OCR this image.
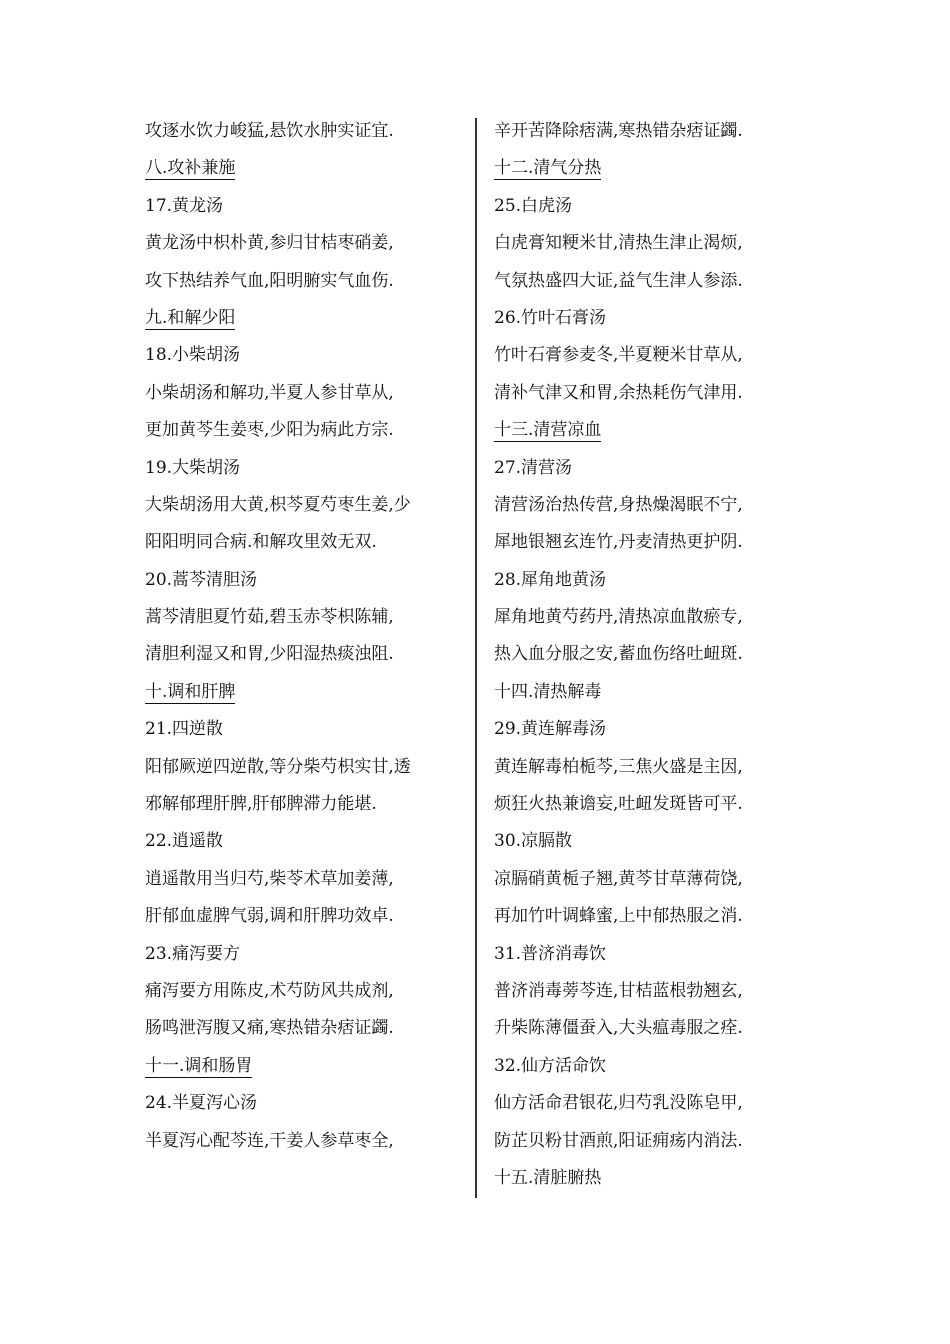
攻逐水饮力峻猛,悬饮水肿实证宜.
八.攻补兼施
17.黄龙汤
黄龙汤中枳朴黄,参归甘桔枣硝姜,
攻下热结养气血,阳明腑实气血伤.
九.和解少阳
18.小柴胡汤
小柴胡汤和解功,半夏人参甘草从,
更加黄芩生姜枣,少阳为病此方宗.
19.大柴胡汤
大柴胡汤用大黄,枳芩夏芍枣生姜,少
阳阳明同合病.和解攻里效无双.
20.蒿芩清胆汤
蒿芩清胆夏竹茹,碧玉赤苓枳陈辅,
清胆利湿又和胃,少阳湿热痰浊阻.
十.调和肝脾
21.四逆散
阳郁厥逆四逆散,等分柴芍枳实甘,透
邪解郁理肝脾,肝郁脾滞力能堪.
22.逍遥散
逍遥散用当归芍,柴苓术草加姜薄,
肝郁血虚脾气弱,调和肝脾功效卓.
23.痛泻要方
痛泻要方用陈皮,术芍防风共成剂,
肠鸣泄泻腹又痛,寒热错杂痞证蠲.
十一.调和肠胃
24.半夏泻心汤
半夏泻心配芩连,干姜人参草枣全,
辛开苦降除痞满,寒热错杂痞证蠲.
十二.清气分热
25.白虎汤
白虎膏知粳米甘,清热生津止渴烦,
气氛热盛四大证,益气生津人参添.
26.竹叶石膏汤
竹叶石膏参麦冬,半夏粳米甘草从,
清补气津又和胃,余热耗伤气津用.
十三.清营凉血
27.清营汤
清营汤治热传营,身热燥渴眠不宁,
犀地银翘玄连竹,丹麦清热更护阴.
28.犀角地黄汤
犀角地黄芍药丹,清热凉血散瘀专,
热入血分服之安,蓄血伤络吐衄斑.
十四.清热解毒
29.黄连解毒汤
黄连解毒柏栀芩,三焦火盛是主因,
烦狂火热兼谵妄,吐衄发斑皆可平.
30.凉膈散
凉膈硝黄栀子翘,黄芩甘草薄荷饶,
再加竹叶调蜂蜜,上中郁热服之消.
31.普济消毒饮
普济消毒蒡芩连,甘桔蓝根勃翘玄,
升柴陈薄僵蚕入,大头瘟毒服之痊.
32.仙方活命饮
仙方活命君银花,归芍乳没陈皂甲,
防芷贝粉甘酒煎,阳证痈疡内消法.
十五.清脏腑热
